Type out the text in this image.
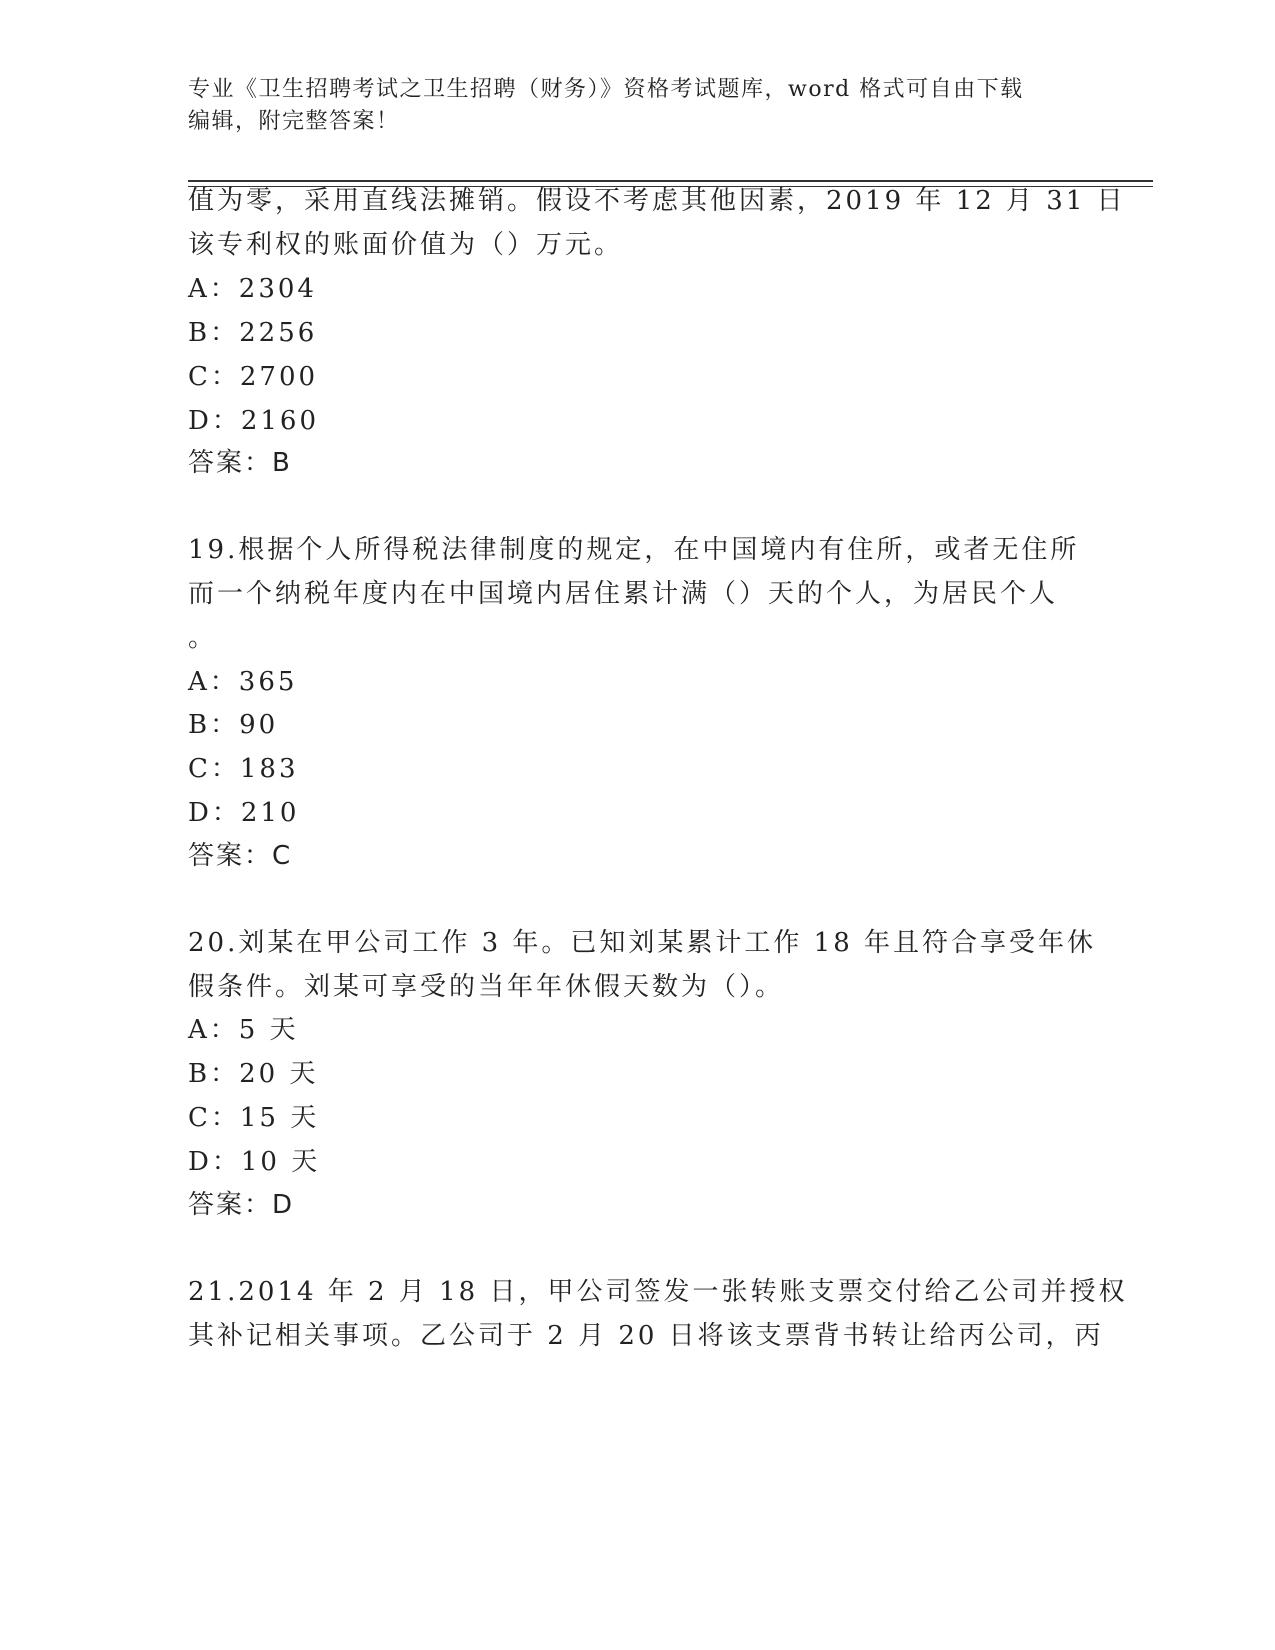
专业《卫生招聘考试之卫生招聘（财务）》资格考试题库，word 格式可自由下载
编辑，附完整答案！
值为零，采用直线法摊销。假设不考虑其他因素，2019 年 12 月 31 日
该专利权的账面价值为（）万元。
A：2304
B：2256
C：2700
D：2160
答案：B
19.根据个人所得税法律制度的规定，在中国境内有住所，或者无住所
而一个纳税年度内在中国境内居住累计满（）天的个人，为居民个人
。
A：365
B：90
C：183
D：210
答案：C
20.刘某在甲公司工作 3 年。已知刘某累计工作 18 年且符合享受年休
假条件。刘某可享受的当年年休假天数为（）。
A：5 天
B：20 天
C：15 天
D：10 天
答案：D
21.2014 年 2 月 18 日，甲公司签发一张转账支票交付给乙公司并授权
其补记相关事项。乙公司于 2 月 20 日将该支票背书转让给丙公司，丙
